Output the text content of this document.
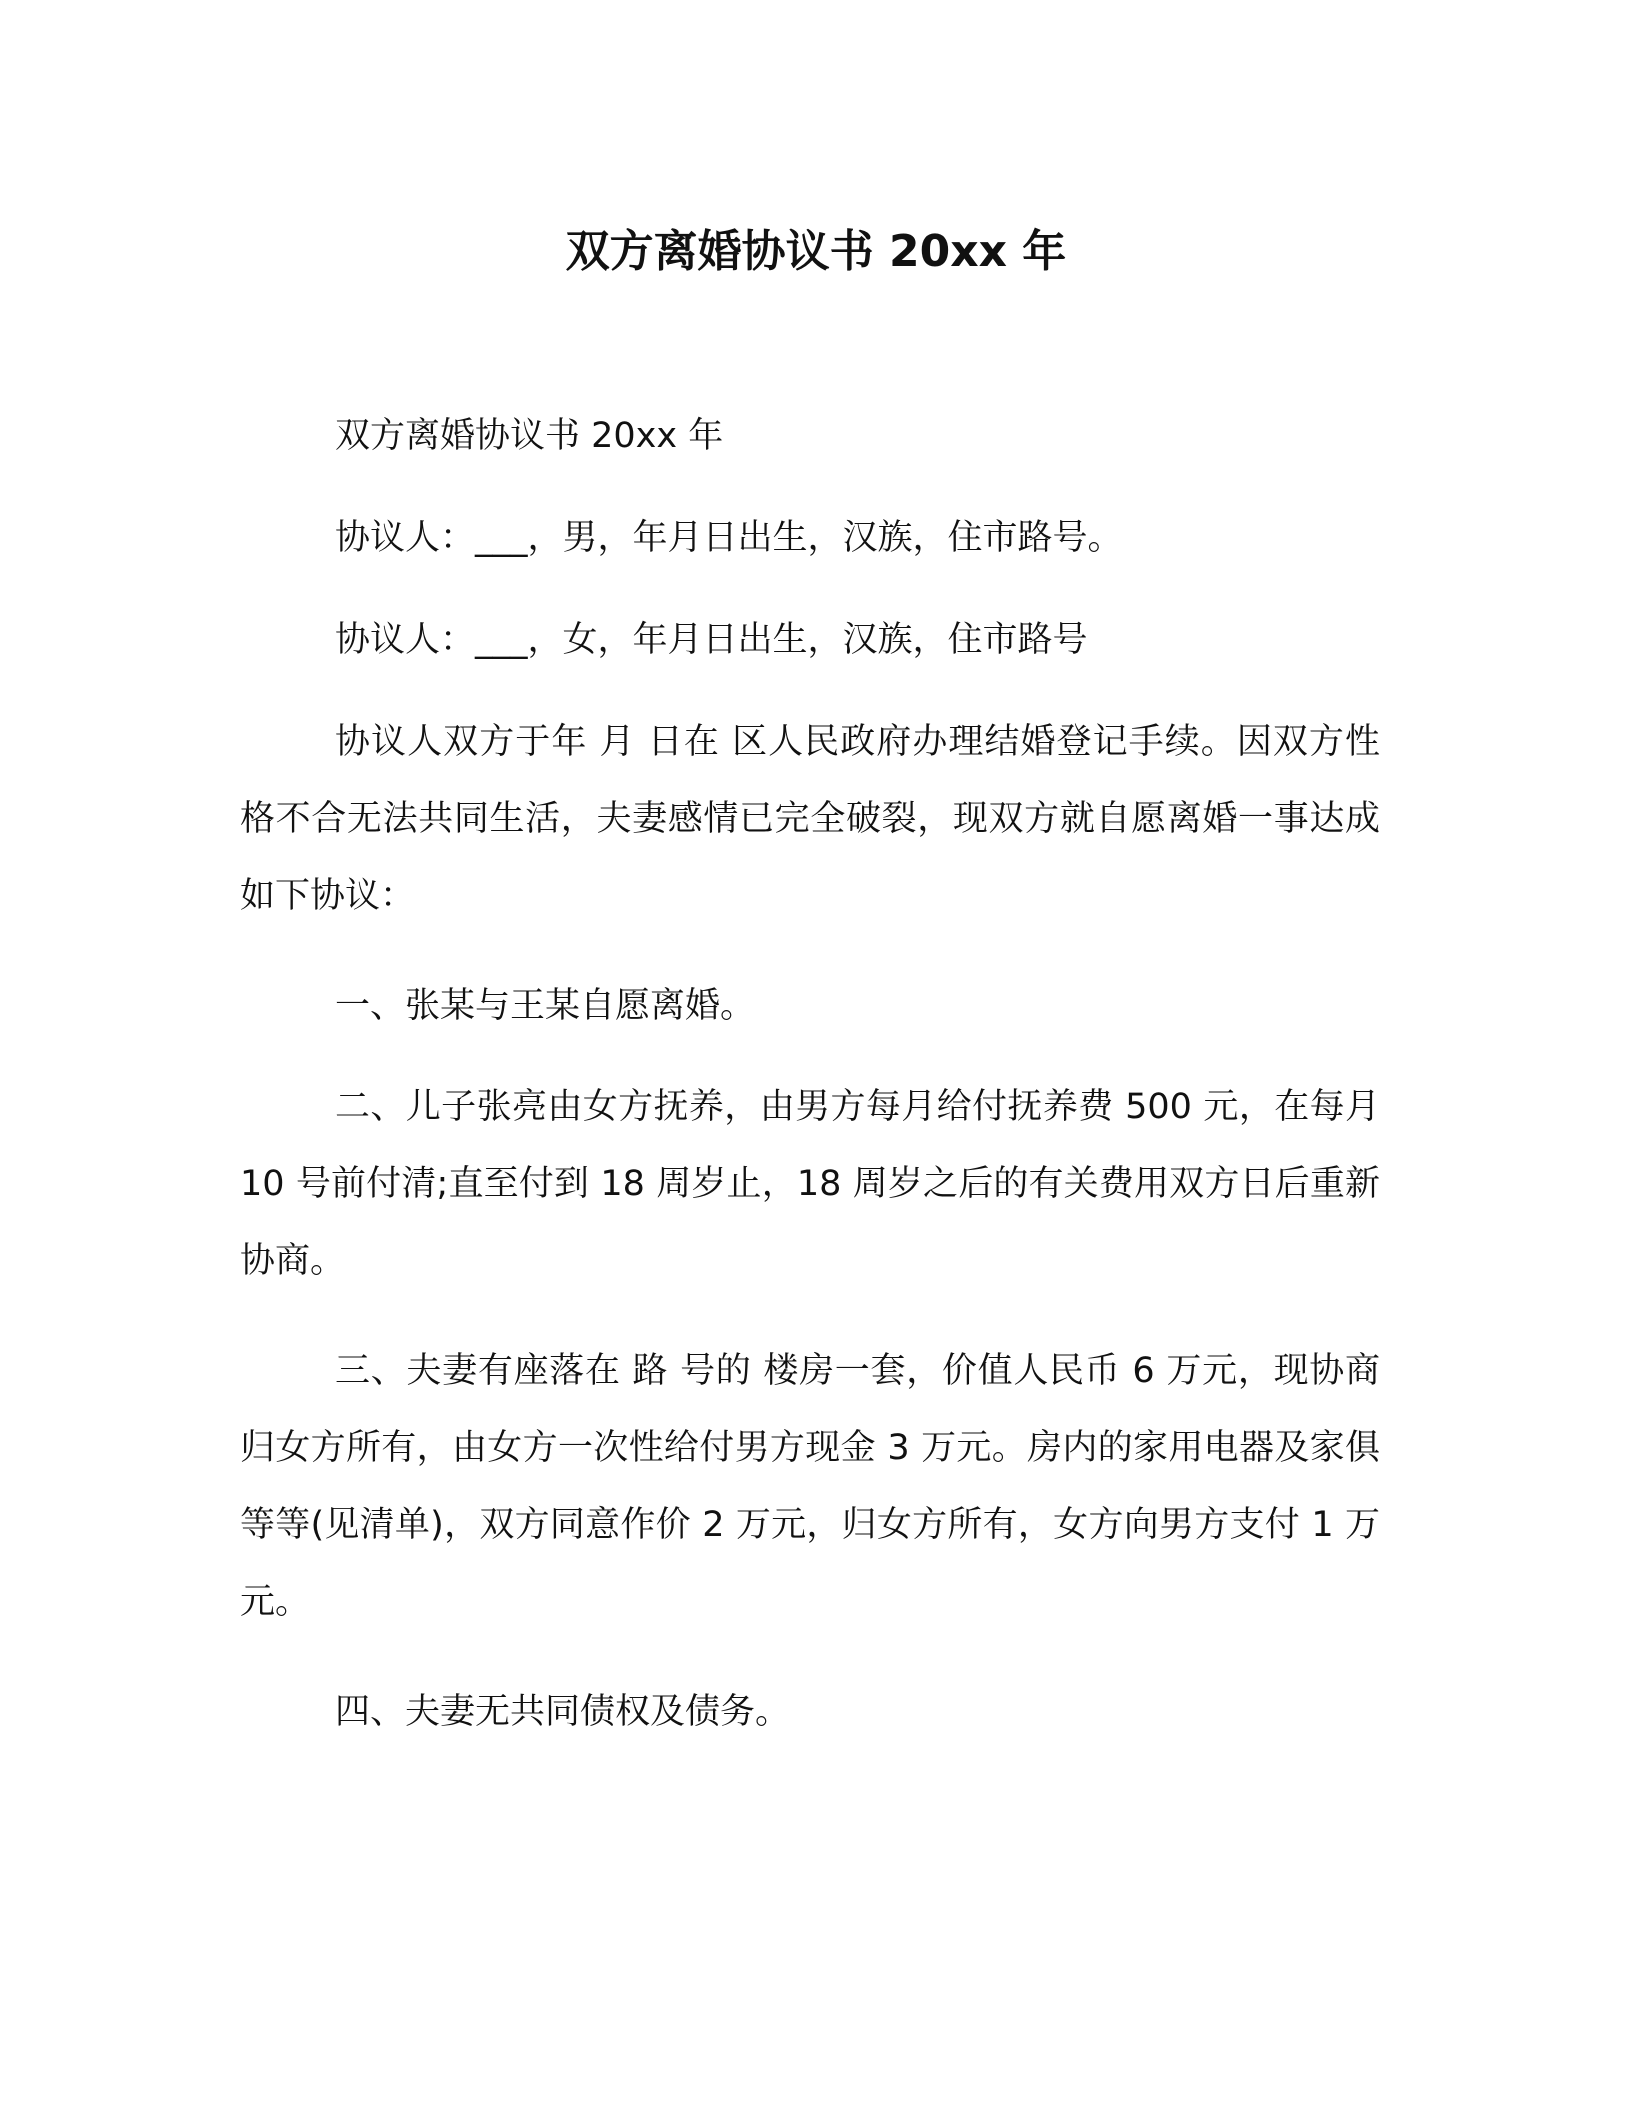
双方离婚协议书 20xx 年

双方离婚协议书 20xx 年

协议人：___，男，年月日出生，汉族，住市路号。

协议人：___，女，年月日出生，汉族，住市路号

协议人双方于年 月 日在 区人民政府办理结婚登记手续。因双方性格不合无法共同生活，夫妻感情已完全破裂，现双方就自愿离婚一事达成如下协议：

一、张某与王某自愿离婚。

二、儿子张亮由女方抚养，由男方每月给付抚养费 500 元，在每月 10 号前付清;直至付到 18 周岁止，18 周岁之后的有关费用双方日后重新协商。

三、夫妻有座落在 路 号的 楼房一套，价值人民币 6 万元，现协商归女方所有，由女方一次性给付男方现金 3 万元。房内的家用电器及家俱等等(见清单)，双方同意作价 2 万元，归女方所有，女方向男方支付 1 万元。

四、夫妻无共同债权及债务。
